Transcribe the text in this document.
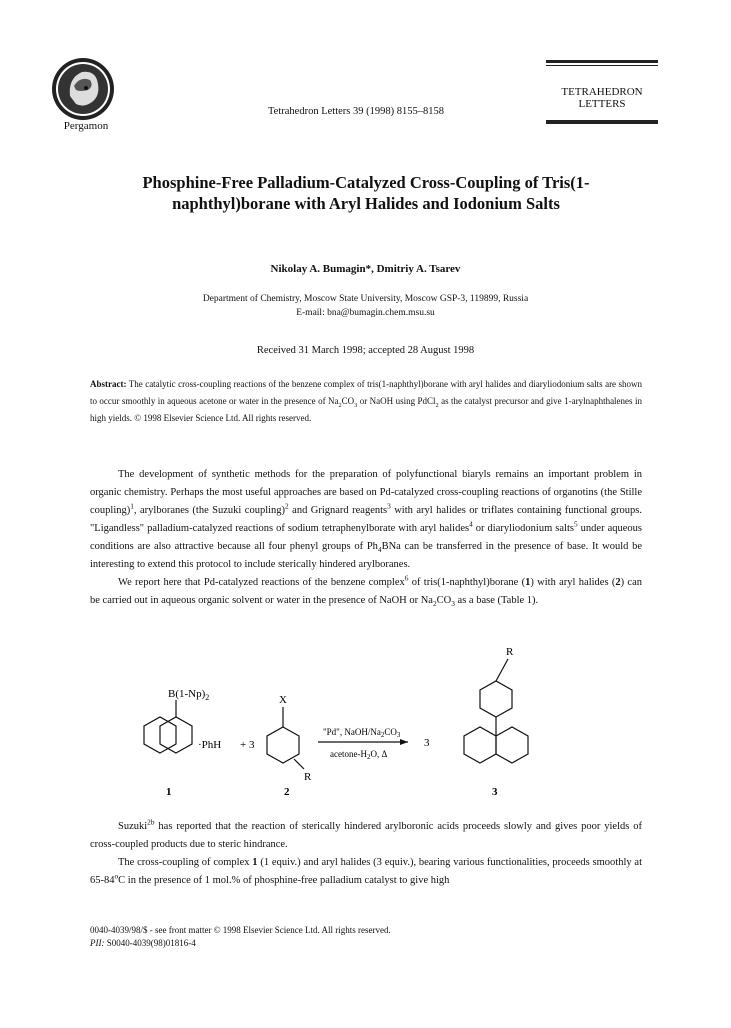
Pergamon
Tetrahedron Letters 39 (1998) 8155–8158
TETRAHEDRON
LETTERS
Phosphine-Free Palladium-Catalyzed Cross-Coupling of Tris(1-
naphthyl)borane with Aryl Halides and Iodonium Salts
Nikolay A. Bumagin*, Dmitriy A. Tsarev
Department of Chemistry, Moscow State University, Moscow GSP-3, 119899, Russia
E-mail: bna@bumagin.chem.msu.su
Received 31 March 1998; accepted 28 August 1998
Abstract: The catalytic cross-coupling reactions of the benzene complex of tris(1-naphthyl)borane with aryl halides and diaryliodonium salts are shown to occur smoothly in aqueous acetone or water in the presence of $Na_2CO_3$ or NaOH using PdCl$_2$ as the catalyst precursor and give 1-arylnaphthalenes in high yields. © 1998 Elsevier Science Ltd. All rights reserved.

The development of synthetic methods for the preparation of polyfunctional biaryls remains an important problem in organic chemistry. Perhaps the most useful approaches are based on Pd-catalyzed cross-coupling reactions of organotins (the Stille coupling)$^1$, arylboranes (the Suzuki coupling)$^2$ and Grignard reagents$^3$ with aryl halides or triflates containing functional groups. "Ligandless" palladium-catalyzed reactions of sodium tetraphenylborate with aryl halides$^4$ or diaryliodonium salts$^5$ under aqueous conditions are also attractive because all four phenyl groups of $Ph_4BNa$ can be transferred in the presence of base. It would be interesting to extend this protocol to include sterically hindered arylboranes.

We report here that Pd-catalyzed reactions of the benzene complex$^6$ of tris(1-naphthyl)borane (1) with aryl halides (2) can be carried out in aqueous organic solvent or water in the presence of NaOH or $Na_2CO_3$ as a base (Table 1).

$B(1-Np)_2$
·PhH + 3
1
X
R
2
"Pd", NaOH/$Na_2CO_3$
acetone-$H_2O$, Δ
3
R
3

Suzuki$^{2b}$ has reported that the reaction of sterically hindered arylboronic acids proceeds slowly and gives poor yields of cross-coupled products due to steric hindrance.

The cross-coupling of complex 1 (1 equiv.) and aryl halides (3 equiv.), bearing various functionalities, proceeds smoothly at 65-84$^o$C in the presence of 1 mol.% of phosphine-free palladium catalyst to give high

0040-4039/98/$ - see front matter © 1998 Elsevier Science Ltd. All rights reserved.
PII: S0040-4039(98)01816-4
